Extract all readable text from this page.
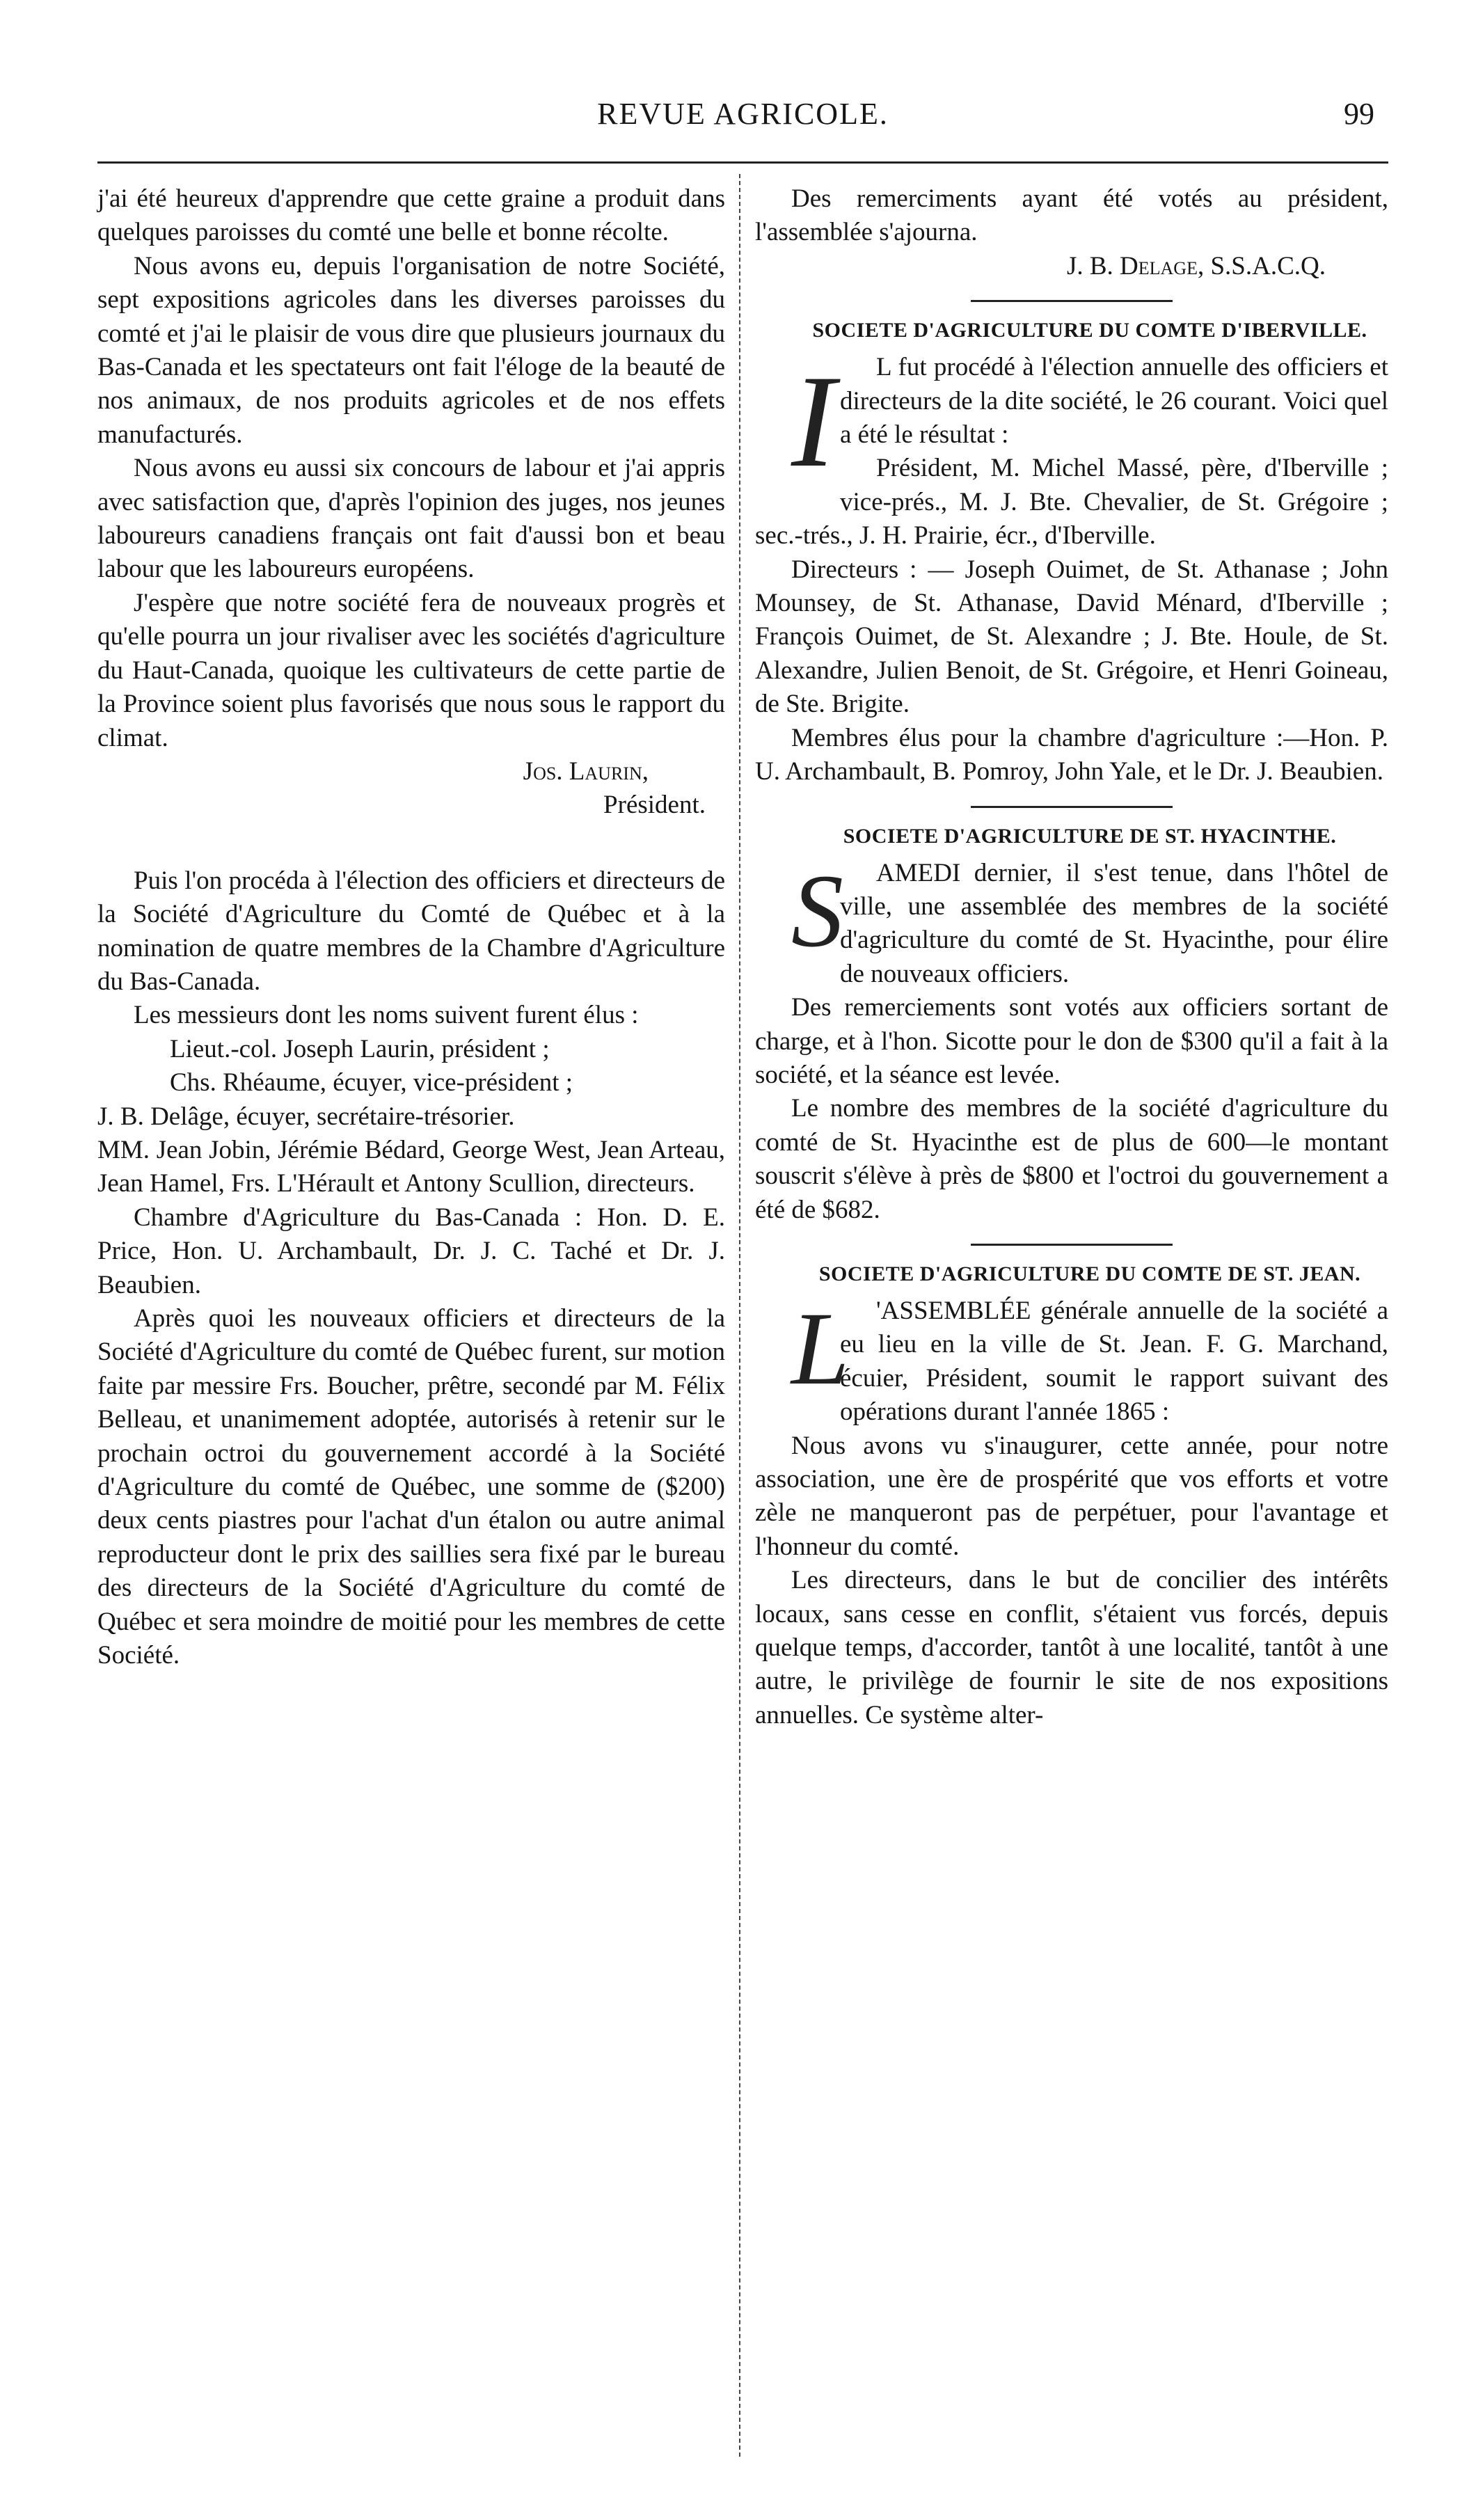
REVUE AGRICOLE.	99

j'ai été heureux d'apprendre que cette graine a produit dans quelques paroisses du comté une belle et bonne récolte.

Nous avons eu, depuis l'organisation de notre Société, sept expositions agricoles dans les diverses paroisses du comté et j'ai le plaisir de vous dire que plusieurs journaux du Bas-Canada et les spectateurs ont fait l'éloge de la beauté de nos animaux, de nos produits agricoles et de nos effets manufacturés.

Nous avons eu aussi six concours de labour et j'ai appris avec satisfaction que, d'après l'opinion des juges, nos jeunes laboureurs canadiens français ont fait d'aussi bon et beau labour que les laboureurs européens.

J'espère que notre société fera de nouveaux progrès et qu'elle pourra un jour rivaliser avec les sociétés d'agriculture du Haut-Canada, quoique les cultivateurs de cette partie de la Province soient plus favorisés que nous sous le rapport du climat.

Jos. Laurin,

Président.

Puis l'on procéda à l'élection des officiers et directeurs de la Société d'Agriculture du Comté de Québec et à la nomination de quatre membres de la Chambre d'Agriculture du Bas-Canada.

Les messieurs dont les noms suivent furent élus :

Lieut.-col. Joseph Laurin, président ;

Chs. Rhéaume, écuyer, vice-président ;

J. B. Delâge, écuyer, secrétaire-trésorier.

MM. Jean Jobin, Jérémie Bédard, George West, Jean Arteau, Jean Hamel, Frs. L'Hérault et Antony Scullion, directeurs.

Chambre d'Agriculture du Bas-Canada : Hon. D. E. Price, Hon. U. Archambault, Dr. J. C. Taché et Dr. J. Beaubien.

Après quoi les nouveaux officiers et directeurs de la Société d'Agriculture du comté de Québec furent, sur motion faite par messire Frs. Boucher, prêtre, secondé par M. Félix Belleau, et unanimement adoptée, autorisés à retenir sur le prochain octroi du gouvernement accordé à la Société d'Agriculture du comté de Québec, une somme de ($200) deux cents piastres pour l'achat d'un étalon ou autre animal reproducteur dont le prix des saillies sera fixé par le bureau des directeurs de la Société d'Agriculture du comté de Québec et sera moindre de moitié pour les membres de cette Société.

Des remerciments ayant été votés au président, l'assemblée s'ajourna.

J. B. Delage, S.S.A.C.Q.

SOCIETE D'AGRICULTURE DU COMTE D'IBERVILLE.

I L fut procédé à l'élection annuelle des officiers et directeurs de la dite société, le 26 courant. Voici quel a été le résultat :

Président, M. Michel Massé, père, d'Iberville ; vice-prés., M. J. Bte. Chevalier, de St. Grégoire ; sec.-trés., J. H. Prairie, écr., d'Iberville.

Directeurs : — Joseph Ouimet, de St. Athanase ; John Mounsey, de St. Athanase, David Ménard, d'Iberville ; François Ouimet, de St. Alexandre ; J. Bte. Houle, de St. Alexandre, Julien Benoit, de St. Grégoire, et Henri Goineau, de Ste. Brigite.

Membres élus pour la chambre d'agriculture :—Hon. P. U. Archambault, B. Pomroy, John Yale, et le Dr. J. Beaubien.

SOCIETE D'AGRICULTURE DE ST. HYACINTHE.

S AMEDI dernier, il s'est tenue, dans l'hôtel de ville, une assemblée des membres de la société d'agriculture du comté de St. Hyacinthe, pour élire de nouveaux officiers.

Des remerciements sont votés aux officiers sortant de charge, et à l'hon. Sicotte pour le don de $300 qu'il a fait à la société, et la séance est levée.

Le nombre des membres de la société d'agriculture du comté de St. Hyacinthe est de plus de 600—le montant souscrit s'élève à près de $800 et l'octroi du gouvernement a été de $682.

SOCIETE D'AGRICULTURE DU COMTE DE ST. JEAN.

L 'ASSEMBLÉE générale annuelle de la société a eu lieu en la ville de St. Jean. F. G. Marchand, écuier, Président, soumit le rapport suivant des opérations durant l'année 1865 :

Nous avons vu s'inaugurer, cette année, pour notre association, une ère de prospérité que vos efforts et votre zèle ne manqueront pas de perpétuer, pour l'avantage et l'honneur du comté.

Les directeurs, dans le but de concilier des intérêts locaux, sans cesse en conflit, s'étaient vus forcés, depuis quelque temps, d'accorder, tantôt à une localité, tantôt à une autre, le privilège de fournir le site de nos expositions annuelles. Ce système alter-
